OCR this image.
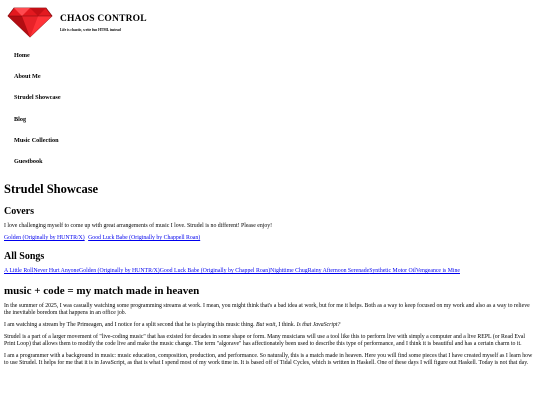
CHAOS CONTROL
Life is chaotic, write fun HTML instead
Home
About Me
Strudel Showcase
Blog
Music Collection
Guestbook
Strudel Showcase
Covers

I love challenging myself to come up with great arrangements of music I love. Strudel is no different! Please enjoy!

Golden (Originally by HUNTR/X) Good Luck Babe (Originally by Chappell Roan)
All Songs
A Little RollNever Hurt AnyoneGolden (Originally by HUNTR/X)Good Luck Babe (Originally by Chappel Roan)Nighttime ChugRainy Afternoon SerenadeSynthetic Motor OilVengeance is Mine
music + code = my match made in heaven

In the summer of 2025, I was casually watching some programming streams at work. I mean, you might think that's a bad idea at work, but for me it helps. Both as a way to keep focused on my work and also as a way to relieve the inevitable boredom that happens in an office job.

I am watching a stream by The Primeagen, and I notice for a split second that he is playing this music thing. But wait, I think. Is that JavaScript?

Strudel is a part of a larger movement of "live-coding music" that has existed for decades in some shape or form. Many musicians will use a tool like this to perform live with simply a computer and a live REPL (or Read Eval Print Loop) that allows them to modify the code live and make the music change. The term "algorave" has affectionately been used to describe this type of performance, and I think it is beautiful and has a certain charm to it.

I am a programmer with a background in music: music education, composition, production, and performance. So naturally, this is a match made in heaven. Here you will find some pieces that I have created myself as I learn how to use Strudel. It helps for me that it is in JavaScript, as that is what I spend most of my work time in. It is based off of Tidal Cycles, which is written in Haskell. One of these days I will figure out Haskell. Today is not that day.
